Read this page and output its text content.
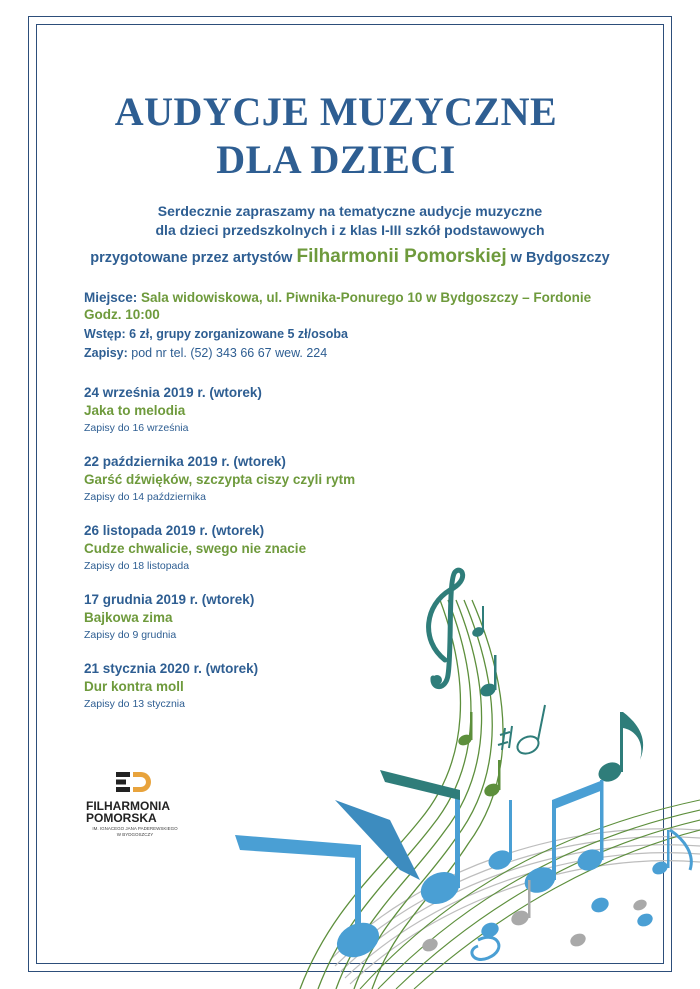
AUDYCJE MUZYCZNE
DLA DZIECI
Serdecznie zapraszamy na tematyczne audycje muzyczne
dla dzieci przedszkolnych i z klas I-III szkół podstawowych
przygotowane przez artystów Filharmonii Pomorskiej w Bydgoszczy
Miejsce: Sala widowiskowa, ul. Piwnika-Ponurego 10 w Bydgoszczy – Fordonie
Godz. 10:00
Wstęp: 6 zł, grupy zorganizowane 5 zł/osoba
Zapisy: pod nr tel. (52) 343 66 67 wew. 224
24 września 2019 r. (wtorek)
Jaka to melodia
Zapisy do 16 września
22 października 2019 r. (wtorek)
Garść dźwięków, szczypta ciszy czyli rytm
Zapisy do 14 października
26 listopada 2019 r. (wtorek)
Cudze chwalicie, swego nie znacie
Zapisy do 18 listopada
17 grudnia 2019 r. (wtorek)
Bajkowa zima
Zapisy do 9 grudnia
21 stycznia 2020 r. (wtorek)
Dur kontra moll
Zapisy do 13 stycznia
FILHARMONIA
POMORSKA
IM. IGNACEGO JANA PADEREWSKIEGO
W BYDGOSZCZY
